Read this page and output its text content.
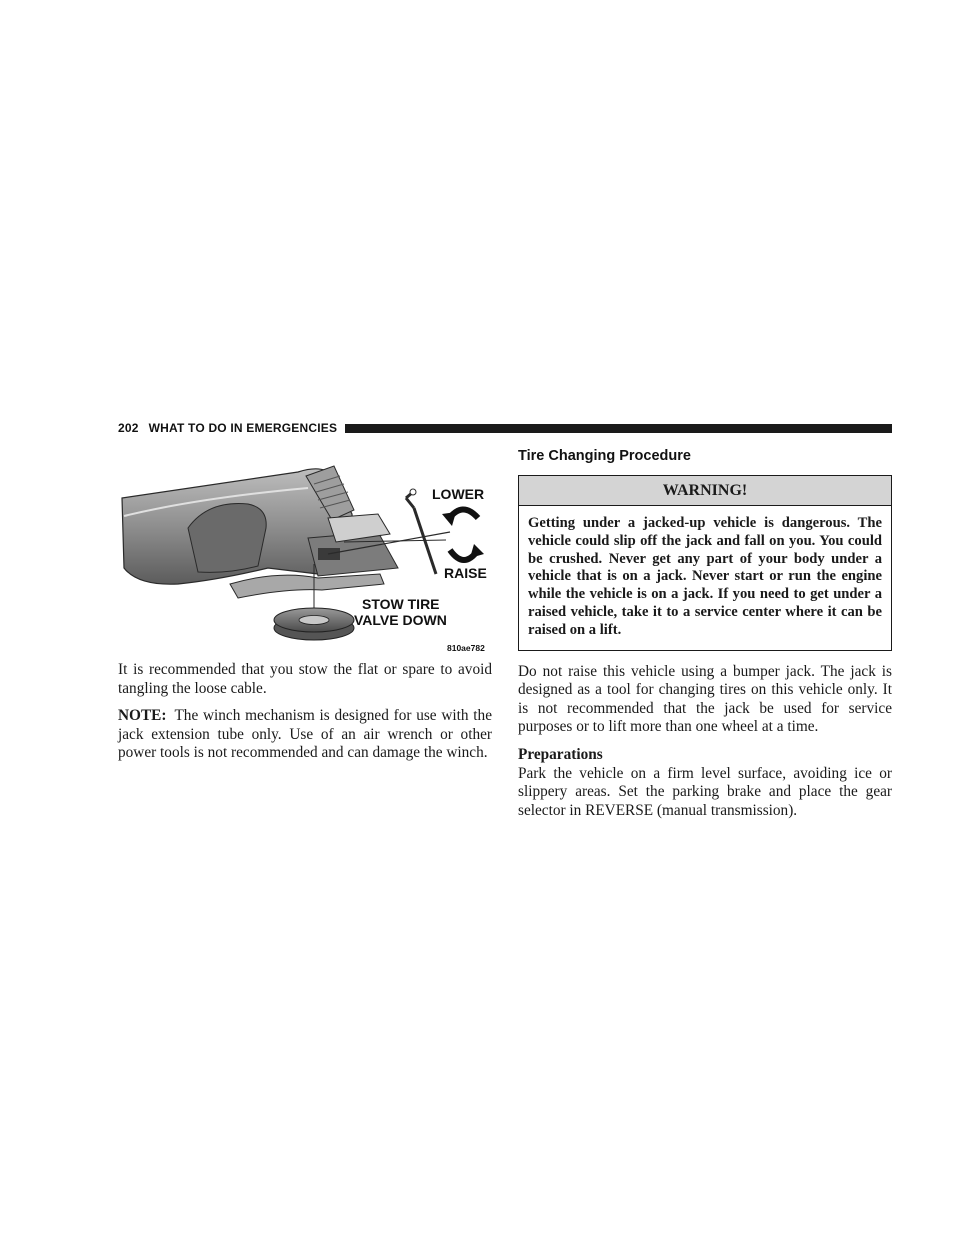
202 WHAT TO DO IN EMERGENCIES
LOWER
RAISE
STOW TIRE
VALVE DOWN
810ae782

It is recommended that you stow the flat or spare to avoid tangling the loose cable.

NOTE: The winch mechanism is designed for use with the jack extension tube only. Use of an air wrench or other power tools is not recommended and can damage the winch.

Tire Changing Procedure
WARNING!
Getting under a jacked-up vehicle is dangerous. The vehicle could slip off the jack and fall on you. You could be crushed. Never get any part of your body under a vehicle that is on a jack. Never start or run the engine while the vehicle is on a jack. If you need to get under a raised vehicle, take it to a service center where it can be raised on a lift.

Do not raise this vehicle using a bumper jack. The jack is designed as a tool for changing tires on this vehicle only. It is not recommended that the jack be used for service purposes or to lift more than one wheel at a time.

Preparations

Park the vehicle on a firm level surface, avoiding ice or slippery areas. Set the parking brake and place the gear selector in REVERSE (manual transmission).
